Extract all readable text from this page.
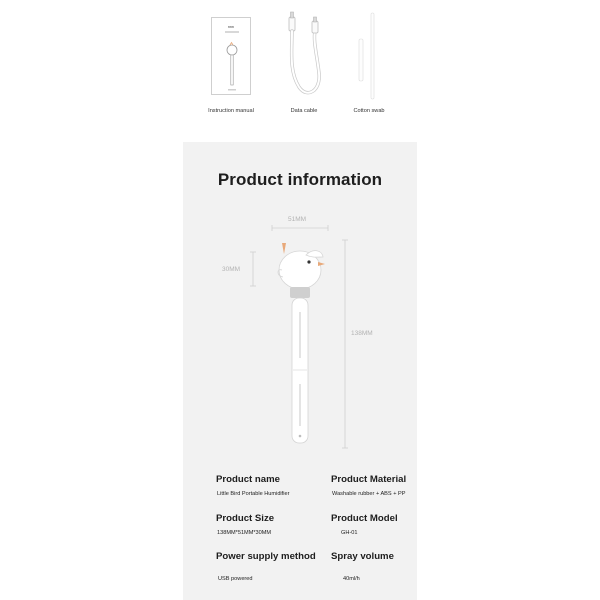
BBB
Instruction manual	Data cable	Cotton swab
Product information
51MM
30MM
138MM
Product name
Little Bird Portable Humidifier
Product Material
Washable rubber + ABS + PP
Product Size
138MM*51MM*30MM
Product Model
GH-01
Power supply method
USB powered
Spray volume
40ml/h
